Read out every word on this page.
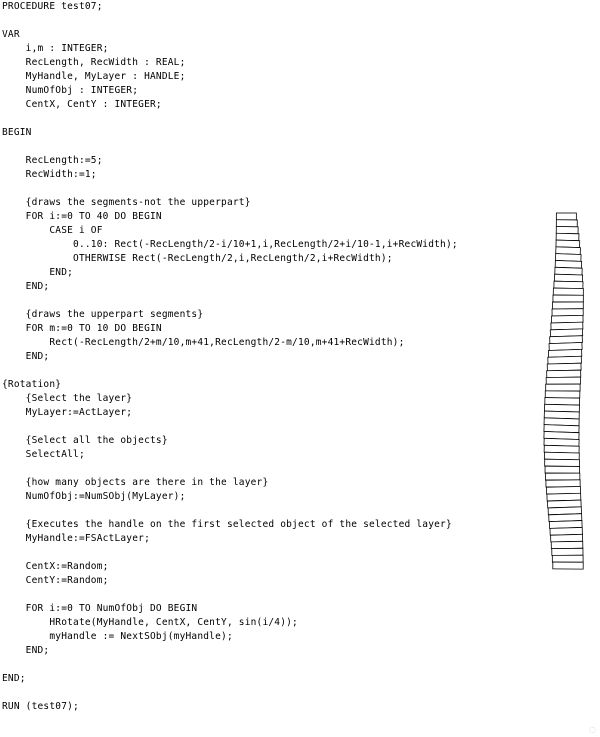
PROCEDURE test07;
VAR
i,m : INTEGER;
RecLength, RecWidth : REAL;
MyHandle, MyLayer : HANDLE;
NumOfObj : INTEGER;
CentX, CentY : INTEGER;
BEGIN
RecLength:=5;
RecWidth:=1;
{draws the segments-not the upperpart}
FOR i:=0 TO 40 DO BEGIN
CASE i OF
0..10: Rect(-RecLength/2-i/10+1,i,RecLength/2+i/10-1,i+RecWidth);
OTHERWISE Rect(-RecLength/2,i,RecLength/2,i+RecWidth);
END;
END;
{draws the upperpart segments}
FOR m:=0 TO 10 DO BEGIN
Rect(-RecLength/2+m/10,m+41,RecLength/2-m/10,m+41+RecWidth);
END;
{Rotation}
{Select the layer}
MyLayer:=ActLayer;
{Select all the objects}
SelectAll;
{how many objects are there in the layer}
NumOfObj:=NumSObj(MyLayer);
{Executes the handle on the first selected object of the selected layer}
MyHandle:=FSActLayer;
CentX:=Random;
CentY:=Random;
FOR i:=0 TO NumOfObj DO BEGIN
HRotate(MyHandle, CentX, CentY, sin(i/4));
myHandle := NextSObj(myHandle);
END;
END;
RUN (test07);
◌
